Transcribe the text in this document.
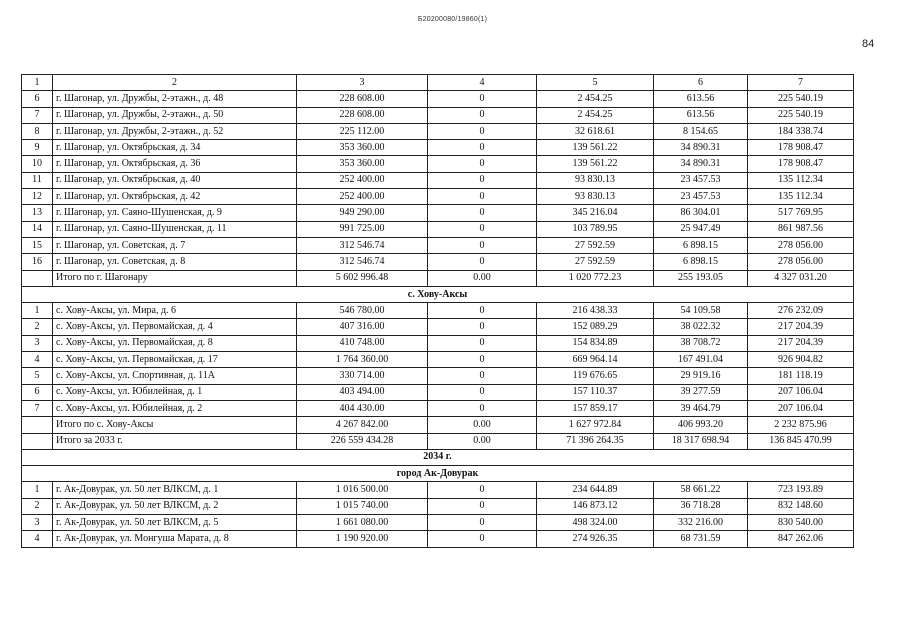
Б20200080/19860(1)
84
1	2	3	4	5	6	7
6	г. Шагонар, ул. Дружбы, 2-этажн., д. 48	228 608.00	0	2 454.25	613.56	225 540.19
7	г. Шагонар, ул. Дружбы, 2-этажн., д. 50	228 608.00	0	2 454.25	613.56	225 540.19
8	г. Шагонар, ул. Дружбы, 2-этажн., д. 52	225 112.00	0	32 618.61	8 154.65	184 338.74
9	г. Шагонар, ул. Октябрьская, д. 34	353 360.00	0	139 561.22	34 890.31	178 908.47
10	г. Шагонар, ул. Октябрьская, д. 36	353 360.00	0	139 561.22	34 890.31	178 908.47
11	г. Шагонар, ул. Октябрьская, д. 40	252 400.00	0	93 830.13	23 457.53	135 112.34
12	г. Шагонар, ул. Октябрьская, д. 42	252 400.00	0	93 830.13	23 457.53	135 112.34
13	г. Шагонар, ул. Саяно-Шушенская, д. 9	949 290.00	0	345 216.04	86 304.01	517 769.95
14	г. Шагонар, ул. Саяно-Шушенская, д. 11	991 725.00	0	103 789.95	25 947.49	861 987.56
15	г. Шагонар, ул. Советская, д. 7	312 546.74	0	27 592.59	6 898.15	278 056.00
16	г. Шагонар, ул. Советская, д. 8	312 546.74	0	27 592.59	6 898.15	278 056.00
	Итого по г. Шагонару	5 602 996.48	0.00	1 020 772.23	255 193.05	4 327 031.20
с. Хову-Аксы						
1	с. Хову-Аксы, ул. Мира, д. 6	546 780.00	0	216 438.33	54 109.58	276 232.09
2	с. Хову-Аксы, ул. Первомайская, д. 4	407 316.00	0	152 089.29	38 022.32	217 204.39
3	с. Хову-Аксы, ул. Первомайская, д. 8	410 748.00	0	154 834.89	38 708.72	217 204.39
4	с. Хову-Аксы, ул. Первомайская, д. 17	1 764 360.00	0	669 964.14	167 491.04	926 904.82
5	с. Хову-Аксы, ул. Спортивная, д. 11А	330 714.00	0	119 676.65	29 919.16	181 118.19
6	с. Хову-Аксы, ул. Юбилейная, д. 1	403 494.00	0	157 110.37	39 277.59	207 106.04
7	с. Хову-Аксы, ул. Юбилейная, д. 2	404 430.00	0	157 859.17	39 464.79	207 106.04
	Итого по с. Хову-Аксы	4 267 842.00	0.00	1 627 972.84	406 993.20	2 232 875.96
	Итого за 2033 г.	226 559 434.28	0.00	71 396 264.35	18 317 698.94	136 845 470.99
2034 г.						
город Ак-Довурак						
1	г. Ак-Довурак, ул. 50 лет ВЛКСМ, д. 1	1 016 500.00	0	234 644.89	58 661.22	723 193.89
2	г. Ак-Довурак, ул. 50 лет ВЛКСМ, д. 2	1 015 740.00	0	146 873.12	36 718.28	832 148.60
3	г. Ак-Довурак, ул. 50 лет ВЛКСМ, д. 5	1 661 080.00	0	498 324.00	332 216.00	830 540.00
4	г. Ак-Довурак, ул. Монгуша Марата, д. 8	1 190 920.00	0	274 926.35	68 731.59	847 262.06
